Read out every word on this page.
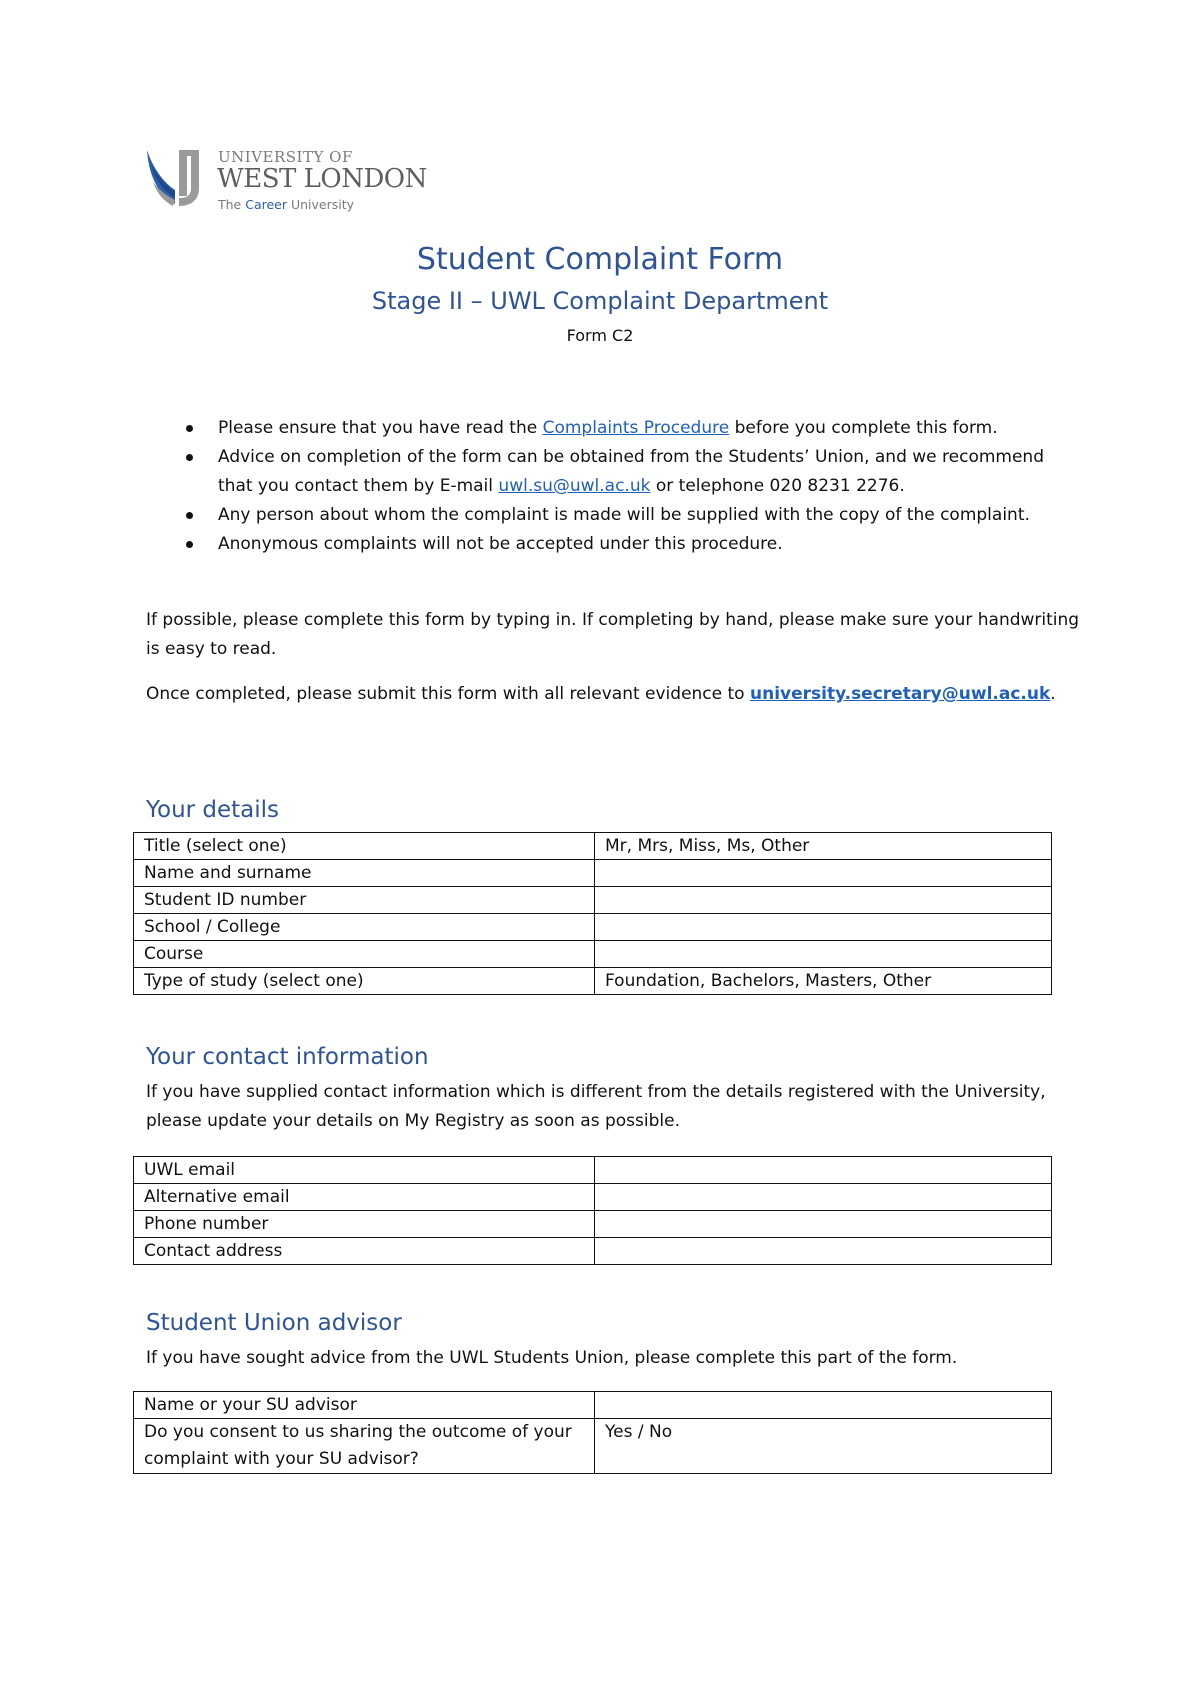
UNIVERSITY OF
WEST LONDON
The Career University
Student Complaint Form
Stage II – UWL Complaint Department
Form C2
Please ensure that you have read the Complaints Procedure before you complete this form.
Advice on completion of the form can be obtained from the Students’ Union, and we recommend that you contact them by E-mail uwl.su@uwl.ac.uk or telephone 020 8231 2276.
Any person about whom the complaint is made will be supplied with the copy of the complaint.
Anonymous complaints will not be accepted under this procedure.

If possible, please complete this form by typing in. If completing by hand, please make sure your handwriting is easy to read.

Once completed, please submit this form with all relevant evidence to university.secretary@uwl.ac.uk.

Your details
Title (select one)	Mr, Mrs, Miss, Ms, Other
Name and surname	
Student ID number	
School / College	
Course	
Type of study (select one)	Foundation, Bachelors, Masters, Other
Your contact information

If you have supplied contact information which is different from the details registered with the University, please update your details on My Registry as soon as possible.

UWL email	
Alternative email	
Phone number	
Contact address	
Student Union advisor

If you have sought advice from the UWL Students Union, please complete this part of the form.

Name or your SU advisor	
Do you consent to us sharing the outcome of your complaint with your SU advisor?	Yes / No
